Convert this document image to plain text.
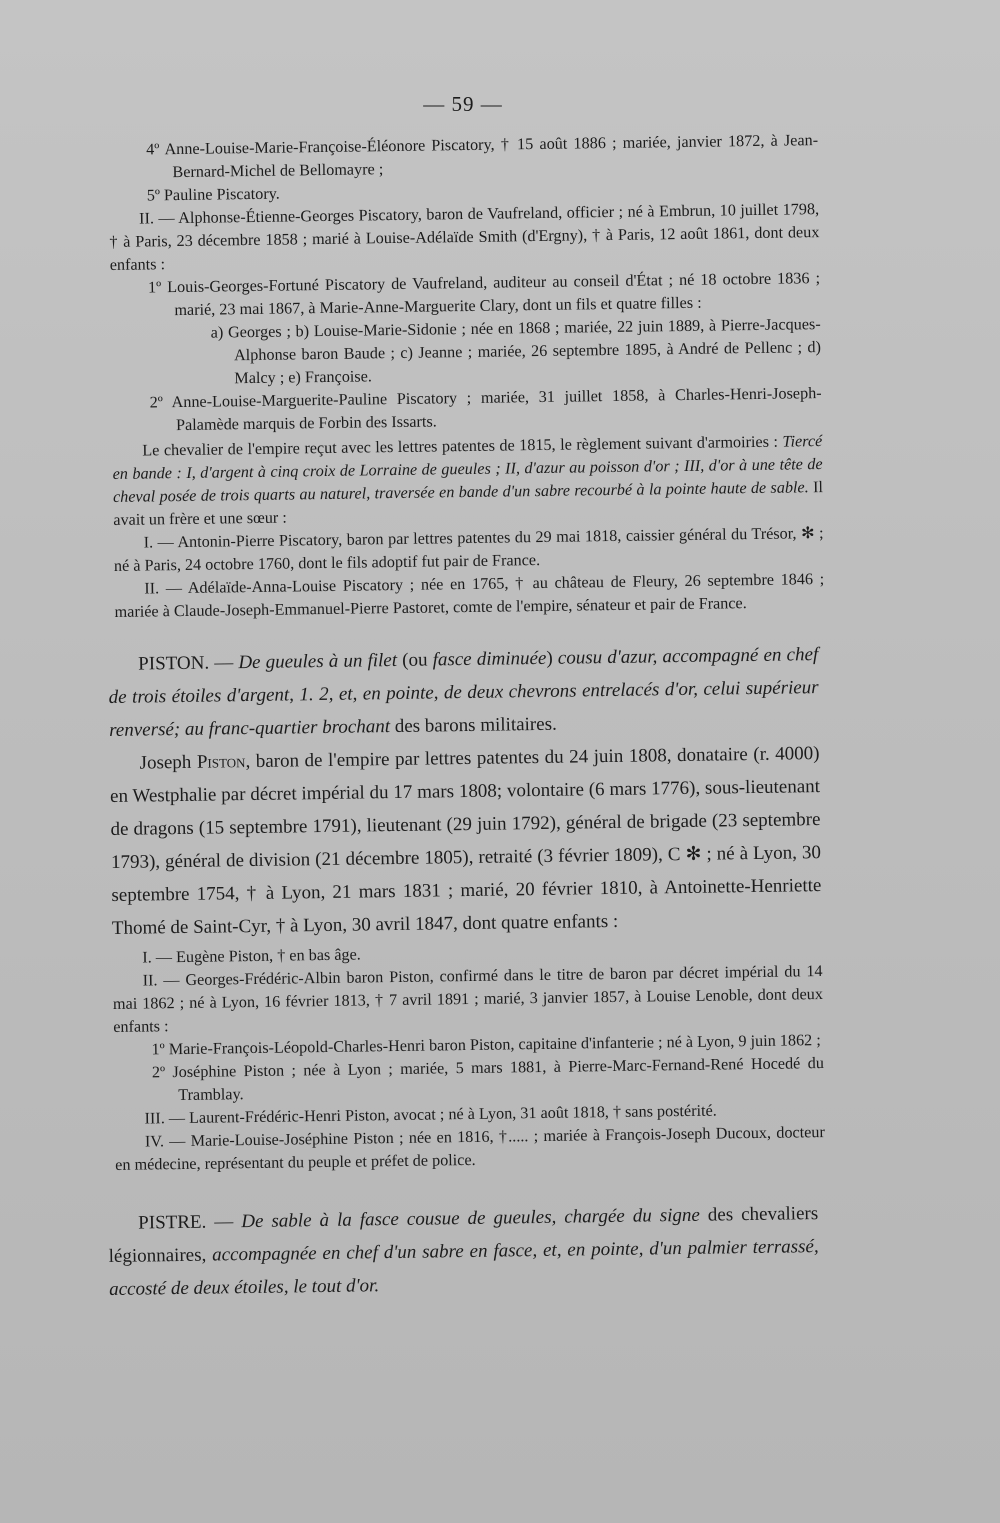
— 59 —

4º Anne-Louise-Marie-Françoise-Éléonore Piscatory, † 15 août 1886 ; mariée, janvier 1872, à Jean-Bernard-Michel de Bellomayre ;

5º Pauline Piscatory.

II. — Alphonse-Étienne-Georges Piscatory, baron de Vaufreland, officier ; né à Embrun, 10 juillet 1798, † à Paris, 23 décembre 1858 ; marié à Louise-Adélaïde Smith (d'Ergny), † à Paris, 12 août 1861, dont deux enfants :

1º Louis-Georges-Fortuné Piscatory de Vaufreland, auditeur au conseil d'État ; né 18 octobre 1836 ; marié, 23 mai 1867, à Marie-Anne-Marguerite Clary, dont un fils et quatre filles :

a) Georges ; b) Louise-Marie-Sidonie ; née en 1868 ; mariée, 22 juin 1889, à Pierre-Jacques-Alphonse baron Baude ; c) Jeanne ; mariée, 26 septembre 1895, à André de Pellenc ; d) Malcy ; e) Françoise.

2º Anne-Louise-Marguerite-Pauline Piscatory ; mariée, 31 juillet 1858, à Charles-Henri-Joseph-Palamède marquis de Forbin des Issarts.

Le chevalier de l'empire reçut avec les lettres patentes de 1815, le règlement suivant d'armoiries : Tiercé en bande : I, d'argent à cinq croix de Lorraine de gueules ; II, d'azur au poisson d'or ; III, d'or à une tête de cheval posée de trois quarts au naturel, traversée en bande d'un sabre recourbé à la pointe haute de sable. Il avait un frère et une sœur :

I. — Antonin-Pierre Piscatory, baron par lettres patentes du 29 mai 1818, caissier général du Trésor, ✻ ; né à Paris, 24 octobre 1760, dont le fils adoptif fut pair de France.

II. — Adélaïde-Anna-Louise Piscatory ; née en 1765, † au château de Fleury, 26 septembre 1846 ; mariée à Claude-Joseph-Emmanuel-Pierre Pastoret, comte de l'empire, sénateur et pair de France.

PISTON. — De gueules à un filet (ou fasce diminuée) cousu d'azur, accompagné en chef de trois étoiles d'argent, 1. 2, et, en pointe, de deux chevrons entrelacés d'or, celui supérieur renversé; au franc-quartier brochant des barons militaires.

Joseph Piston, baron de l'empire par lettres patentes du 24 juin 1808, donataire (r. 4000) en Westphalie par décret impérial du 17 mars 1808; volontaire (6 mars 1776), sous-lieutenant de dragons (15 septembre 1791), lieutenant (29 juin 1792), général de brigade (23 septembre 1793), général de division (21 décembre 1805), retraité (3 février 1809), C ✻ ; né à Lyon, 30 septembre 1754, † à Lyon, 21 mars 1831 ; marié, 20 février 1810, à Antoinette-Henriette Thomé de Saint-Cyr, † à Lyon, 30 avril 1847, dont quatre enfants :

I. — Eugène Piston, † en bas âge.

II. — Georges-Frédéric-Albin baron Piston, confirmé dans le titre de baron par décret impérial du 14 mai 1862 ; né à Lyon, 16 février 1813, † 7 avril 1891 ; marié, 3 janvier 1857, à Louise Lenoble, dont deux enfants :

1º Marie-François-Léopold-Charles-Henri baron Piston, capitaine d'infanterie ; né à Lyon, 9 juin 1862 ;

2º Joséphine Piston ; née à Lyon ; mariée, 5 mars 1881, à Pierre-Marc-Fernand-René Hocedé du Tramblay.

III. — Laurent-Frédéric-Henri Piston, avocat ; né à Lyon, 31 août 1818, † sans postérité.

IV. — Marie-Louise-Joséphine Piston ; née en 1816, †..... ; mariée à François-Joseph Ducoux, docteur en médecine, représentant du peuple et préfet de police.

PISTRE. — De sable à la fasce cousue de gueules, chargée du signe des chevaliers légionnaires, accompagnée en chef d'un sabre en fasce, et, en pointe, d'un palmier terrassé, accosté de deux étoiles, le tout d'or.
